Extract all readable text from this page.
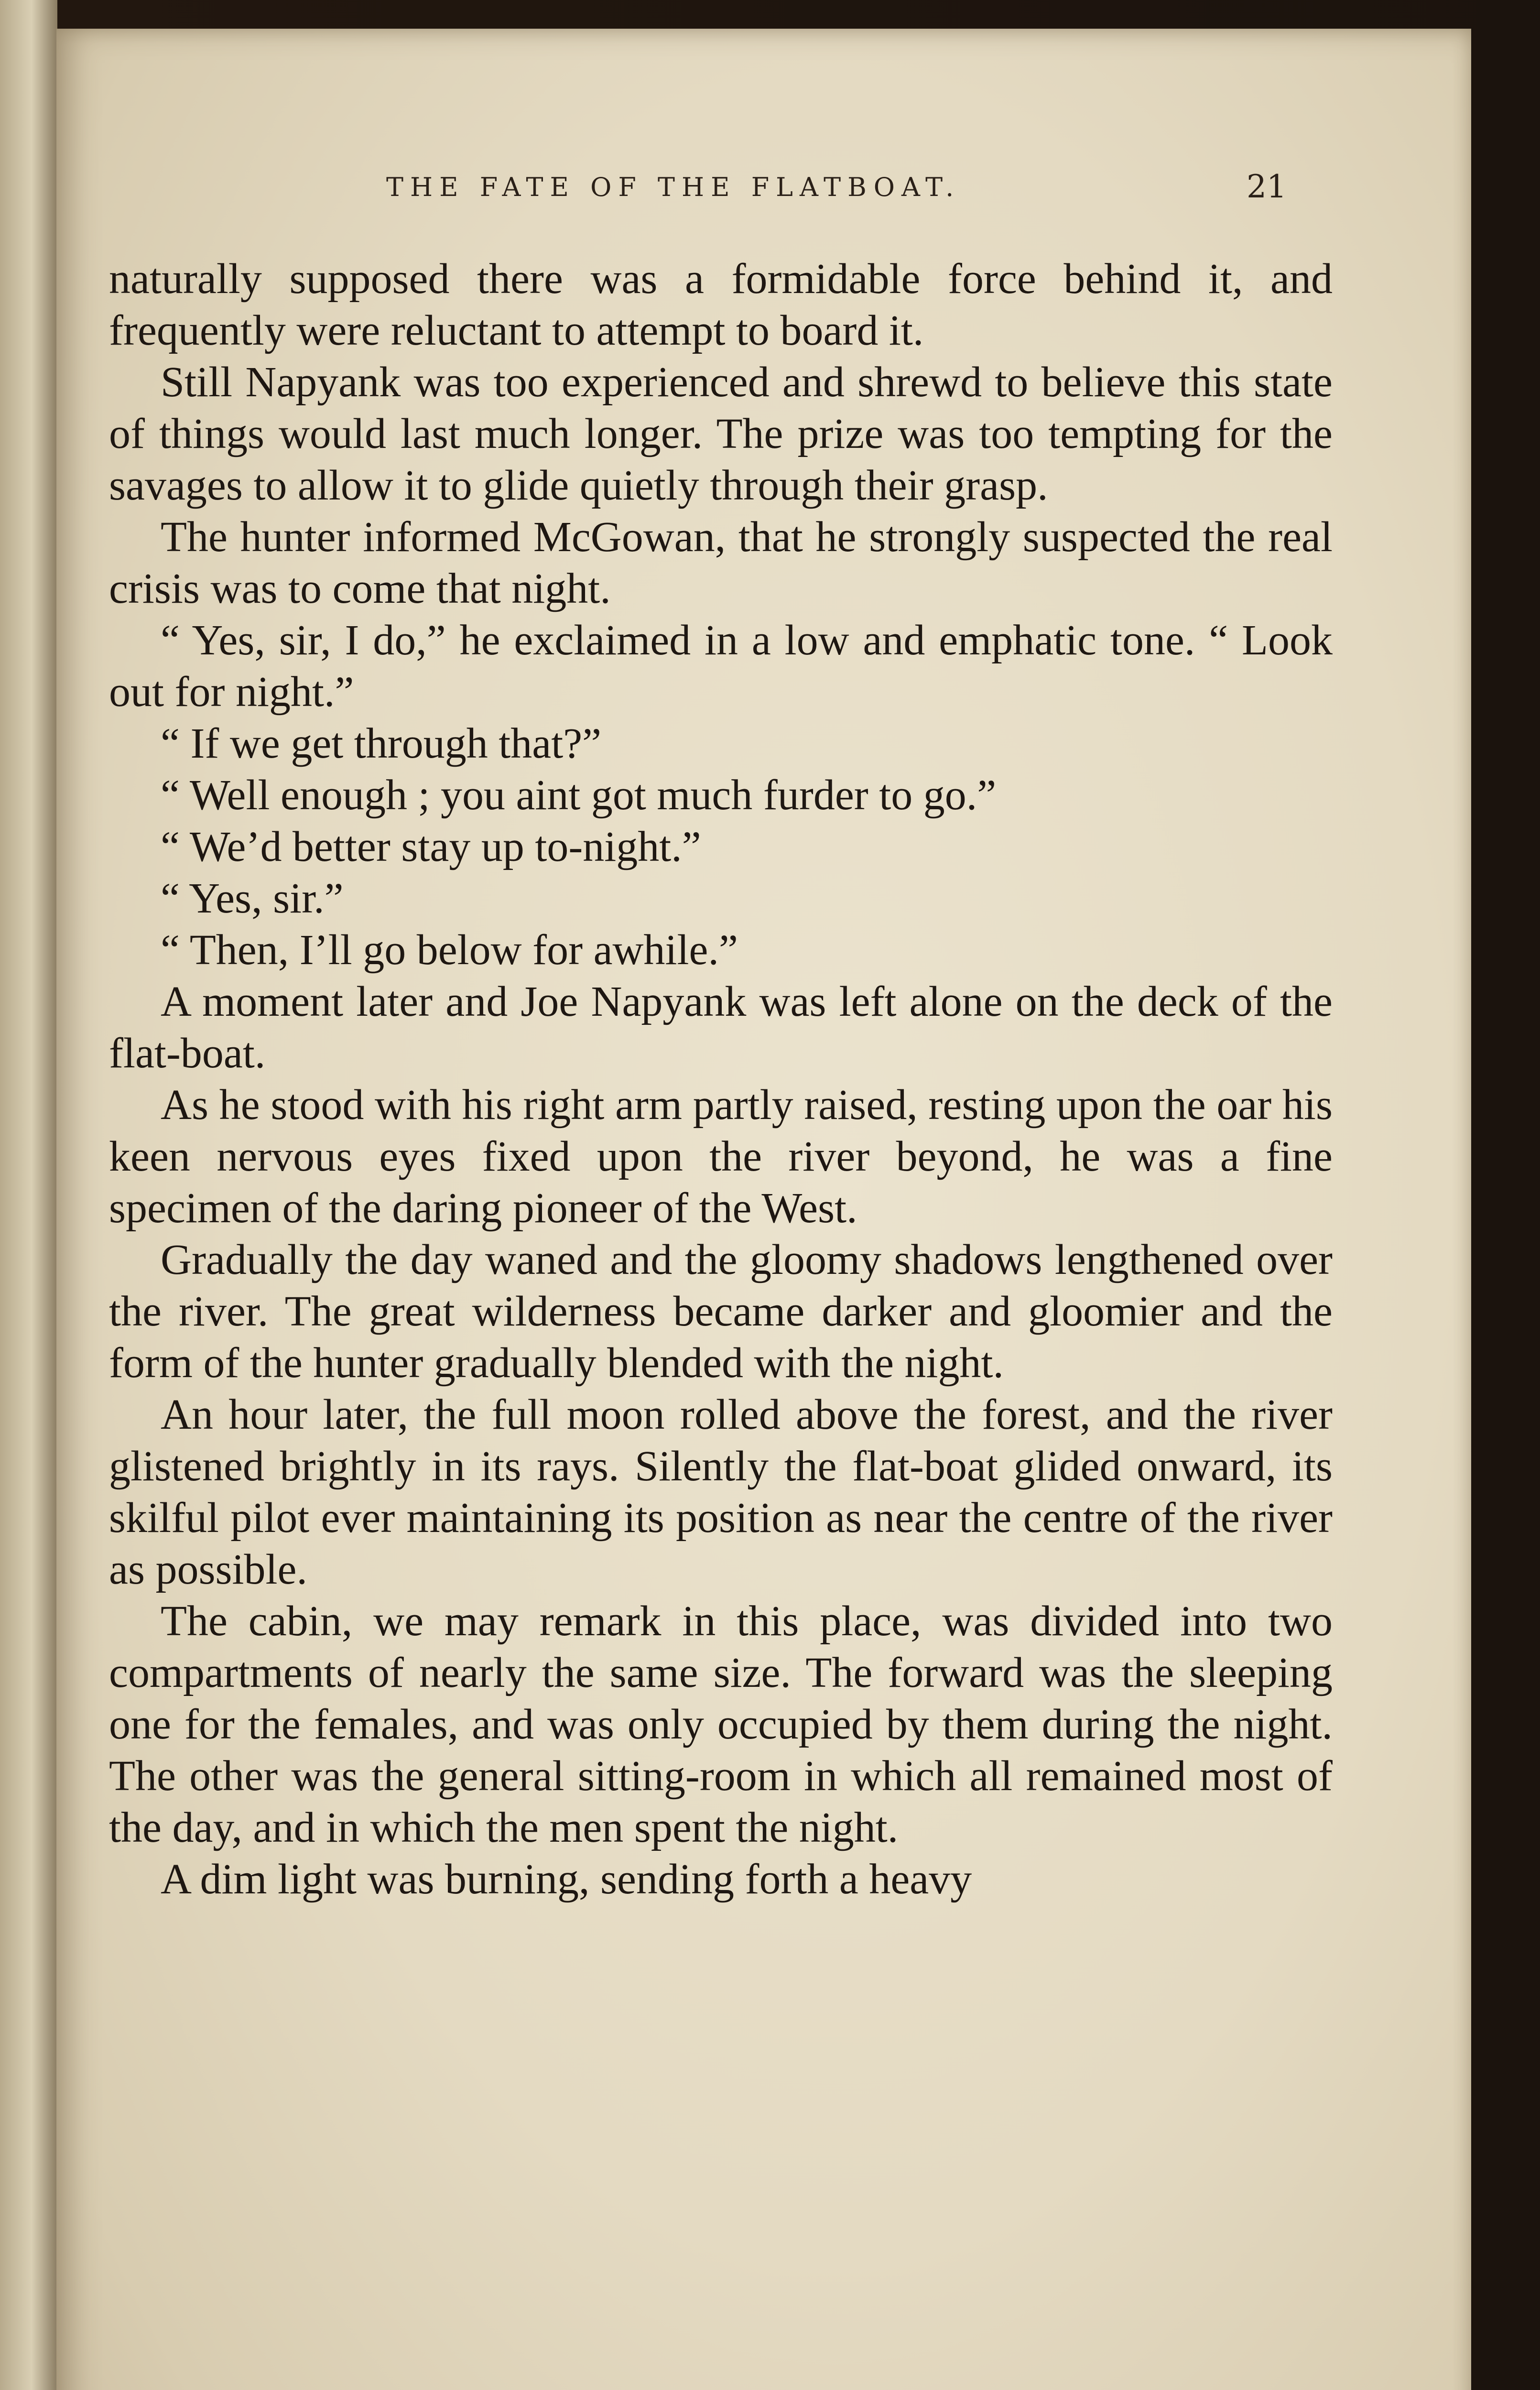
THE FATE OF THE FLATBOAT.	21

naturally supposed there was a formidable force behind it, and frequently were reluctant to attempt to board it.

Still Napyank was too experienced and shrewd to believe this state of things would last much longer. The prize was too tempting for the savages to allow it to glide quietly through their grasp.

The hunter informed McGowan, that he strongly suspected the real crisis was to come that night.

“ Yes, sir, I do,” he exclaimed in a low and emphatic tone. “ Look out for night.”

“ If we get through that?”

“ Well enough ; you aint got much furder to go.”

“ We’d better stay up to-night.”

“ Yes, sir.”

“ Then, I’ll go below for awhile.”

A moment later and Joe Napyank was left alone on the deck of the flat-boat.

As he stood with his right arm partly raised, resting upon the oar his keen nervous eyes fixed upon the river beyond, he was a fine specimen of the daring pioneer of the West.

Gradually the day waned and the gloomy shadows lengthened over the river. The great wilderness became darker and gloomier and the form of the hunter gradually blended with the night.

An hour later, the full moon rolled above the forest, and the river glistened brightly in its rays. Silently the flat-boat glided onward, its skilful pilot ever maintaining its position as near the centre of the river as possible.

The cabin, we may remark in this place, was divided into two compartments of nearly the same size. The forward was the sleeping one for the females, and was only occupied by them during the night. The other was the general sitting-room in which all remained most of the day, and in which the men spent the night.

A dim light was burning, sending forth a heavy
